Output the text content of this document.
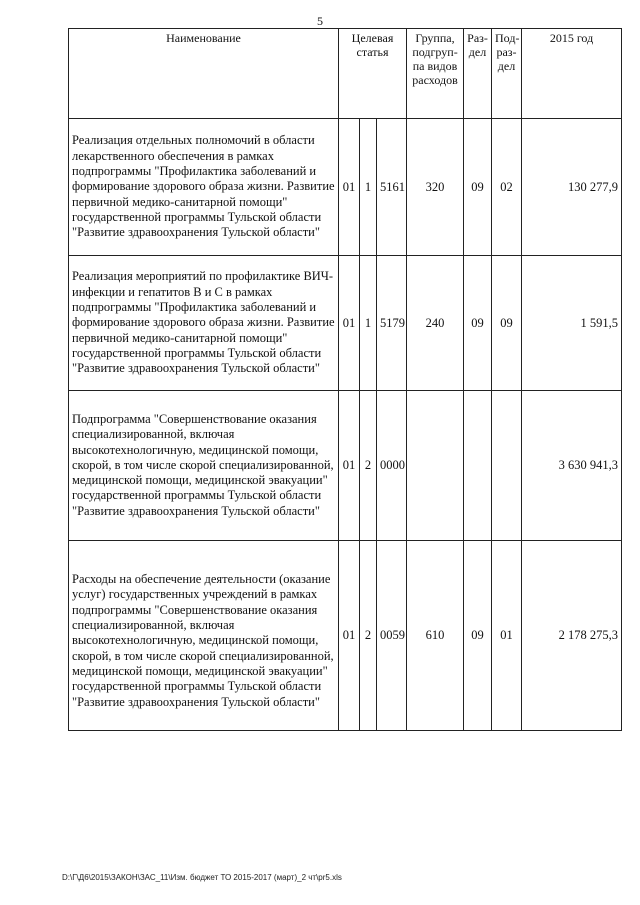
5
Наименование	Целевая статья			Группа, подгруп-па видов расходов	Раз-дел	Под-раз-дел	2015 год
Реализация отдельных полномочий в области лекарственного обеспечения в рамках подпрограммы "Профилактика заболеваний и формирование здорового образа жизни. Развитие первичной медико-санитарной помощи" государственной программы Тульской области "Развитие здравоохранения Тульской области"	01	1	5161	320	09	02	130 277,9
Реализация мероприятий по профилактике ВИЧ-инфекции и гепатитов В и С в рамках подпрограммы "Профилактика заболеваний и формирование здорового образа жизни. Развитие первичной медико-санитарной помощи" государственной программы Тульской области "Развитие здравоохранения Тульской области"	01	1	5179	240	09	09	1 591,5
Подпрограмма "Совершенствование оказания специализированной, включая высокотехнологичную, медицинской помощи, скорой, в том числе скорой специализированной, медицинской помощи, медицинской эвакуации" государственной программы Тульской области "Развитие здравоохранения Тульской области"	01	2	0000				3 630 941,3
Расходы на обеспечение деятельности (оказание услуг) государственных учреждений в рамках подпрограммы "Совершенствование оказания специализированной, включая высокотехнологичную, медицинской помощи, скорой, в том числе скорой специализированной, медицинской помощи, медицинской эвакуации" государственной программы Тульской области "Развитие здравоохранения Тульской области"	01	2	0059	610	09	01	2 178 275,3
D:\Г\Д6\2015\ЗАКОН\ЗАС_11\Изм. бюджет ТО 2015-2017 (март)_2 чт\pr5.xls
